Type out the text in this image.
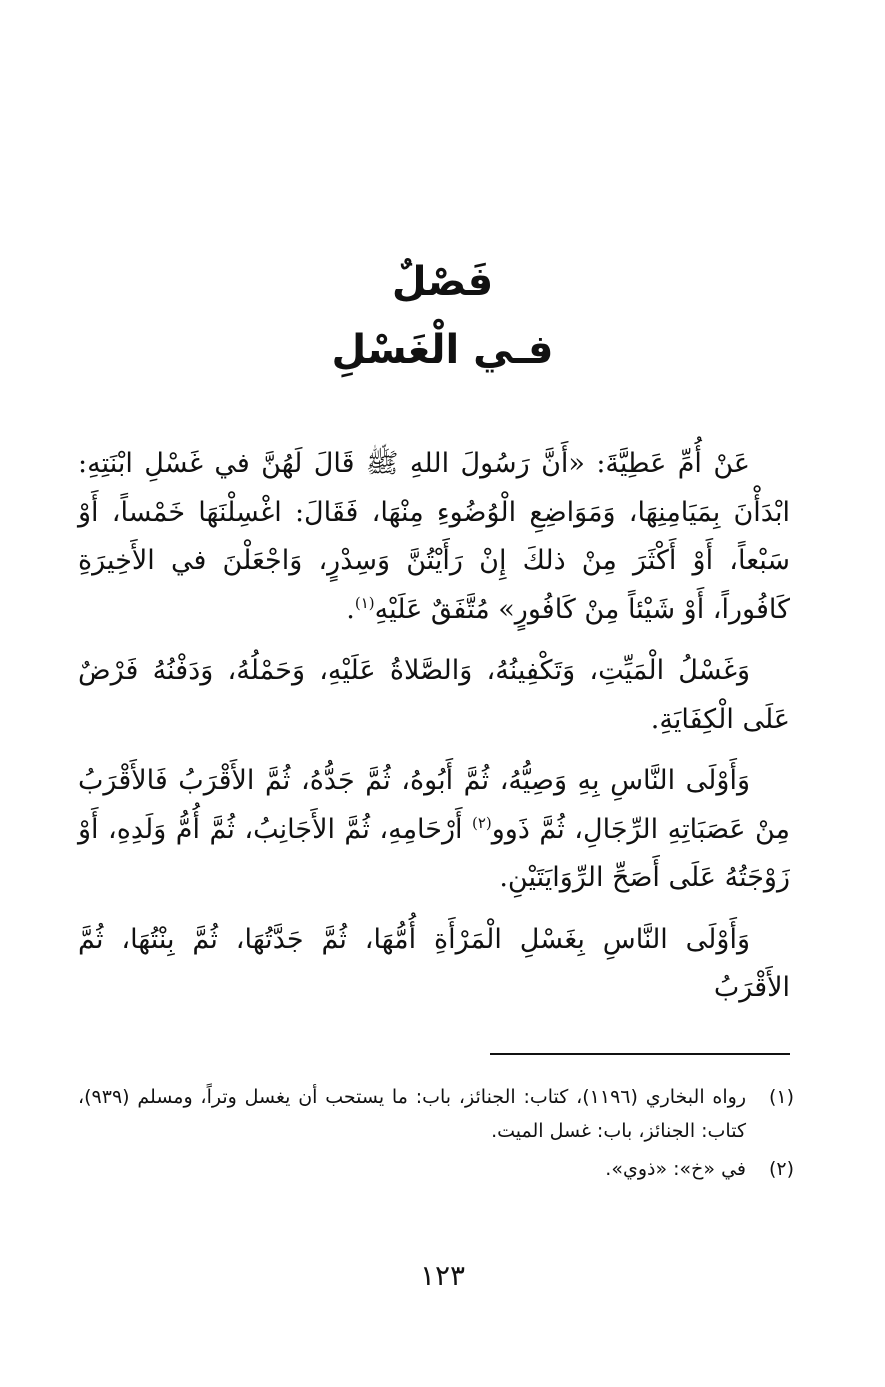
فَصْلٌ
فـي الْغَسْلِ

عَنْ أُمِّ عَطِيَّةَ: «أَنَّ رَسُولَ اللهِ ﷺ قَالَ لَهُنَّ في غَسْلِ ابْنَتِهِ: ابْدَأْنَ بِمَيَامِنِهَا، وَمَوَاضِعِ الْوُضُوءِ مِنْهَا، فَقَالَ: اغْسِلْنَهَا خَمْساً، أَوْ سَبْعاً، أَوْ أَكْثَرَ مِنْ ذلكَ إِنْ رَأَيْتُنَّ وَسِدْرٍ، وَاجْعَلْنَ في الأَخِيرَةِ كَافُوراً، أَوْ شَيْئاً مِنْ كَافُورٍ» مُتَّفَقٌ عَلَيْهِ$^{(١)}$.

وَغَسْلُ الْمَيِّتِ، وَتَكْفِينُهُ، وَالصَّلاةُ عَلَيْهِ، وَحَمْلُهُ، وَدَفْنُهُ فَرْضٌ عَلَى الْكِفَايَةِ.

وَأَوْلَى النَّاسِ بِهِ وَصِيُّهُ، ثُمَّ أَبُوهُ، ثُمَّ جَدُّهُ، ثُمَّ الأَقْرَبُ فَالأَقْرَبُ مِنْ عَصَبَاتِهِ الرِّجَالِ، ثُمَّ ذَوو$^{(٢)}$ أَرْحَامِهِ، ثُمَّ الأَجَانِبُ، ثُمَّ أُمُّ وَلَدِهِ، أَوْ زَوْجَتُهُ عَلَى أَصَحِّ الرِّوَايَتَيْنِ.

وَأَوْلَى النَّاسِ بِغَسْلِ الْمَرْأَةِ أُمُّهَا، ثُمَّ جَدَّتُهَا، ثُمَّ بِنْتُهَا، ثُمَّ الأَقْرَبُ

(١)
رواه البخاري (١١٩٦)، كتاب: الجنائز، باب: ما يستحب أن يغسل وتراً، ومسلم (٩٣٩)، كتاب: الجنائز، باب: غسل الميت.
(٢)
في «خ»: «ذوي».
١٢٣
